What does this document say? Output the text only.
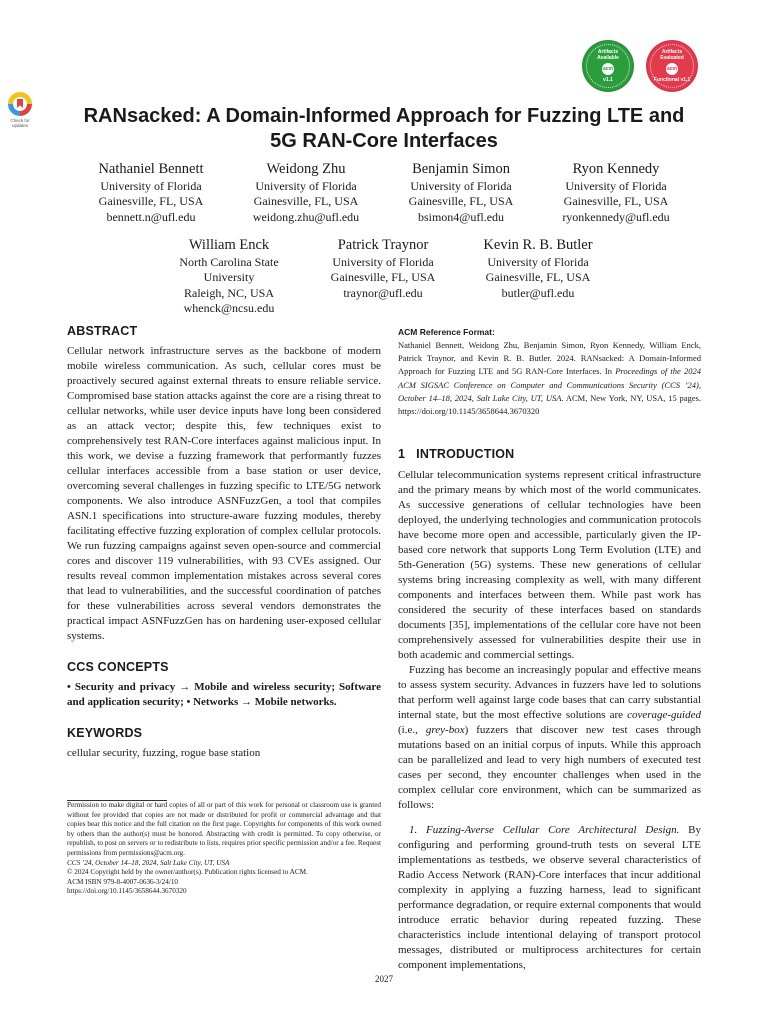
Check for updates
Artifacts Available
acm
v1.1
Artifacts Evaluated
acm
Functional v1.1
RANsacked: A Domain-Informed Approach for Fuzzing LTE and
5G RAN-Core Interfaces
Nathaniel Bennett
University of Florida
Gainesville, FL, USA
bennett.n@ufl.edu
Weidong Zhu
University of Florida
Gainesville, FL, USA
weidong.zhu@ufl.edu
Benjamin Simon
University of Florida
Gainesville, FL, USA
bsimon4@ufl.edu
Ryon Kennedy
University of Florida
Gainesville, FL, USA
ryonkennedy@ufl.edu
William Enck
North Carolina State
University
Raleigh, NC, USA
whenck@ncsu.edu
Patrick Traynor
University of Florida
Gainesville, FL, USA
traynor@ufl.edu
Kevin R. B. Butler
University of Florida
Gainesville, FL, USA
butler@ufl.edu
ABSTRACT

Cellular network infrastructure serves as the backbone of modern mobile wireless communication. As such, cellular cores must be proactively secured against external threats to ensure reliable service. Compromised base station attacks against the core are a rising threat to cellular networks, while user device inputs have long been considered as an attack vector; despite this, few techniques exist to comprehensively test RAN-Core interfaces against malicious input. In this work, we devise a fuzzing framework that performantly fuzzes cellular interfaces accessible from a base station or user device, overcoming several challenges in fuzzing specific to LTE/5G network components. We also introduce ASNFuzzGen, a tool that compiles ASN.1 specifications into structure-aware fuzzing modules, thereby facilitating effective fuzzing exploration of complex cellular protocols. We run fuzzing campaigns against seven open-source and commercial cores and discover 119 vulnerabilities, with 93 CVEs assigned. Our results reveal common implementation mistakes across several cores that lead to vulnerabilities, and the successful coordination of patches for these vulnerabilities across several vendors demonstrates the practical impact ASNFuzzGen has on hardening user-exposed cellular systems.

CCS CONCEPTS

• Security and privacy → Mobile and wireless security; Software and application security; • Networks → Mobile networks.

KEYWORDS

cellular security, fuzzing, rogue base station

Permission to make digital or hard copies of all or part of this work for personal or classroom use is granted without fee provided that copies are not made or distributed for profit or commercial advantage and that copies bear this notice and the full citation on the first page. Copyrights for components of this work owned by others than the author(s) must be honored. Abstracting with credit is permitted. To copy otherwise, or republish, to post on servers or to redistribute to lists, requires prior specific permission and/or a fee. Request permissions from permissions@acm.org.

CCS ’24, October 14–18, 2024, Salt Lake City, UT, USA

© 2024 Copyright held by the owner/author(s). Publication rights licensed to ACM.

ACM ISBN 979-8-4007-0636-3/24/10

https://doi.org/10.1145/3658644.3670320

ACM Reference Format:

Nathaniel Bennett, Weidong Zhu, Benjamin Simon, Ryon Kennedy, William Enck, Patrick Traynor, and Kevin R. B. Butler. 2024. RANsacked: A Domain-Informed Approach for Fuzzing LTE and 5G RAN-Core Interfaces. In Proceedings of the 2024 ACM SIGSAC Conference on Computer and Communications Security (CCS ’24), October 14–18, 2024, Salt Lake City, UT, USA. ACM, New York, NY, USA, 15 pages. https://doi.org/10.1145/3658644.3670320

1   INTRODUCTION

Cellular telecommunication systems represent critical infrastructure and the primary means by which most of the world communicates. As successive generations of cellular technologies have been deployed, the underlying technologies and communication protocols have become more open and accessible, particularly given the IP-based core network that supports Long Term Evolution (LTE) and 5th-Generation (5G) systems. These new generations of cellular systems bring increasing complexity as well, with many different components and interfaces between them. While past work has considered the security of these interfaces based on standards documents [35], implementations of the cellular core have not been comprehensively assessed for vulnerabilities despite their use in both academic and commercial settings.

Fuzzing has become an increasingly popular and effective means to assess system security. Advances in fuzzers have led to solutions that perform well against large code bases that can carry substantial internal state, but the most effective solutions are coverage-guided (i.e., grey-box) fuzzers that discover new test cases through mutations based on an initial corpus of inputs. While this approach can be parallelized and lead to very high numbers of executed test cases per second, they encounter challenges when used in the complex cellular core environment, which can be summarized as follows:

1. Fuzzing-Averse Cellular Core Architectural Design. By configuring and performing ground-truth tests on several LTE implementations as testbeds, we observe several characteristics of Radio Access Network (RAN)-Core interfaces that incur additional complexity in applying a fuzzing harness, lead to significant performance degradation, or require external components that would introduce erratic behavior during repeated fuzzing. These characteristics include intentional delaying of transport protocol messages, distributed or multiprocess architectures for certain component implementations,

2027
